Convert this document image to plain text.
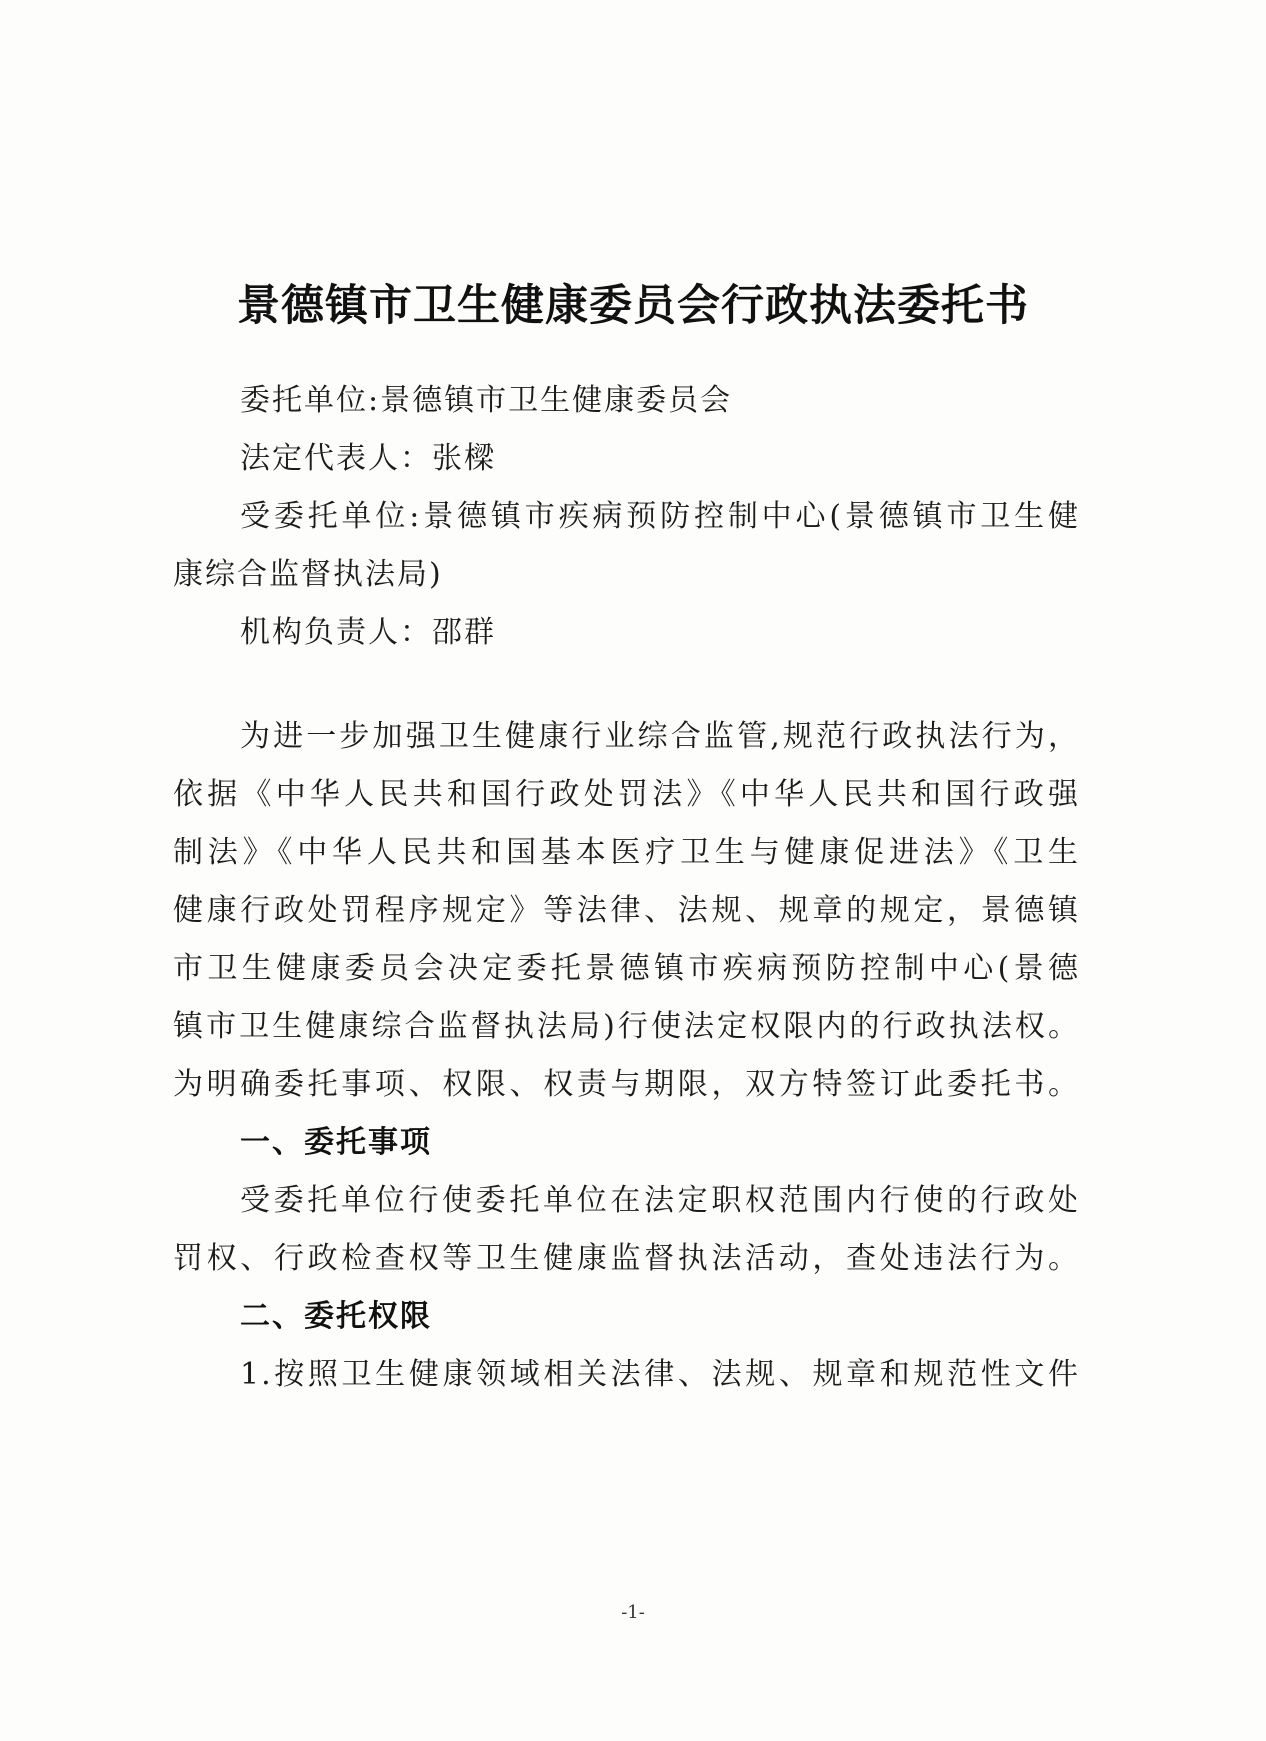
景德镇市卫生健康委员会行政执法委托书
委托单位:景德镇市卫生健康委员会
法定代表人：张樑
受委托单位:景德镇市疾病预防控制中心(景德镇市卫生健
康综合监督执法局)
机构负责人：邵群
为进一步加强卫生健康行业综合监管,规范行政执法行为，
依据《中华人民共和国行政处罚法》《中华人民共和国行政强
制法》《中华人民共和国基本医疗卫生与健康促进法》《卫生
健康行政处罚程序规定》等法律、法规、规章的规定，景德镇
市卫生健康委员会决定委托景德镇市疾病预防控制中心(景德
镇市卫生健康综合监督执法局)行使法定权限内的行政执法权。
为明确委托事项、权限、权责与期限，双方特签订此委托书。
一、委托事项
受委托单位行使委托单位在法定职权范围内行使的行政处
罚权、行政检查权等卫生健康监督执法活动，查处违法行为。
二、委托权限
1.按照卫生健康领域相关法律、法规、规章和规范性文件
-1-
